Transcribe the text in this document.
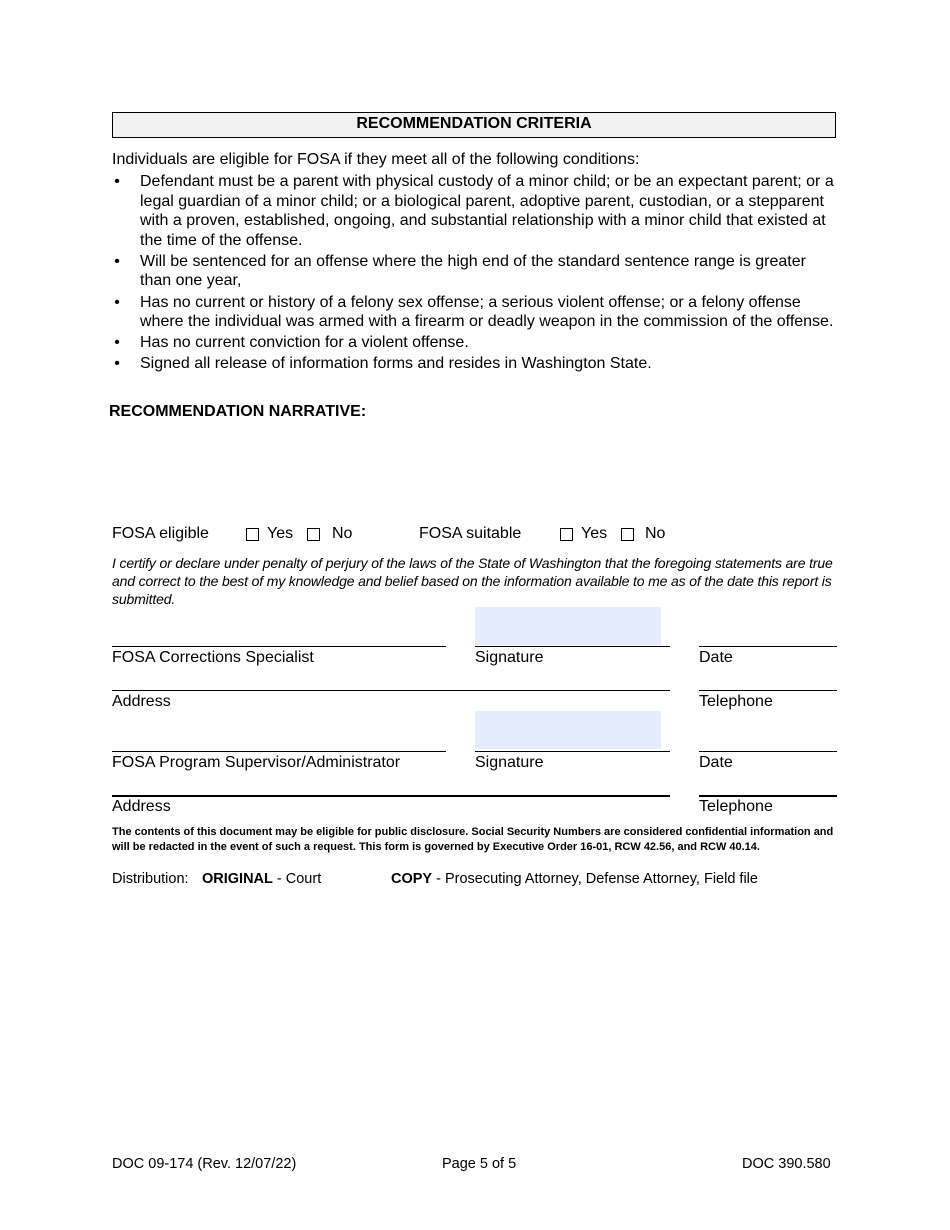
RECOMMENDATION CRITERIA
Individuals are eligible for FOSA if they meet all of the following conditions:
• Defendant must be a parent with physical custody of a minor child; or be an expectant parent; or a legal guardian of a minor child; or a biological parent, adoptive parent, custodian, or a stepparent with a proven, established, ongoing, and substantial relationship with a minor child that existed at the time of the offense.
• Will be sentenced for an offense where the high end of the standard sentence range is greater than one year,
• Has no current or history of a felony sex offense; a serious violent offense; or a felony offense where the individual was armed with a firearm or deadly weapon in the commission of the offense.
• Has no current conviction for a violent offense.
• Signed all release of information forms and resides in Washington State.
RECOMMENDATION NARRATIVE:
FOSA eligible	Yes No	FOSA suitable	Yes No
I certify or declare under penalty of perjury of the laws of the State of Washington that the foregoing statements are true and correct to the best of my knowledge and belief based on the information available to me as of the date this report is submitted.
FOSA Corrections Specialist	Signature	Date
Address	Telephone
FOSA Program Supervisor/Administrator	Signature	Date
Address	Telephone
The contents of this document may be eligible for public disclosure. Social Security Numbers are considered confidential information and will be redacted in the event of such a request. This form is governed by Executive Order 16-01, RCW 42.56, and RCW 40.14.
Distribution: ORIGINAL - Court	COPY - Prosecuting Attorney, Defense Attorney, Field file
DOC 09-174 (Rev. 12/07/22)	Page 5 of 5	DOC 390.580
